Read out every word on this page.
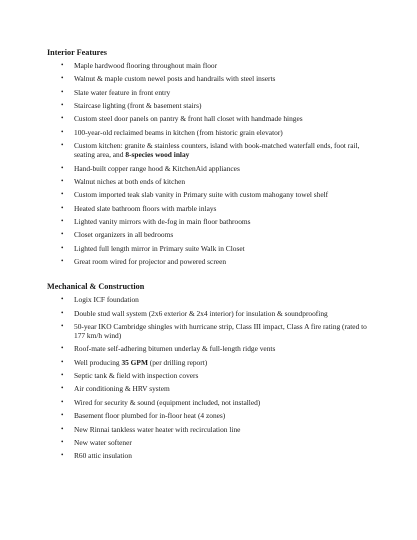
Interior Features
• Maple hardwood flooring throughout main floor
• Walnut & maple custom newel posts and handrails with steel inserts
• Slate water feature in front entry
• Staircase lighting (front & basement stairs)
• Custom steel door panels on pantry & front hall closet with handmade hinges
• 100-year-old reclaimed beams in kitchen (from historic grain elevator)
• Custom kitchen: granite & stainless counters, island with book-matched waterfall ends, foot rail, seating area, and 8-species wood inlay
• Hand-built copper range hood & KitchenAid appliances
• Walnut niches at both ends of kitchen
• Custom imported teak slab vanity in Primary suite with custom mahogany towel shelf
• Heated slate bathroom floors with marble inlays
• Lighted vanity mirrors with de-fog in main floor bathrooms
• Closet organizers in all bedrooms
• Lighted full length mirror in Primary suite Walk in Closet
• Great room wired for projector and powered screen
Mechanical & Construction
• Logix ICF foundation
• Double stud wall system (2x6 exterior & 2x4 interior) for insulation & soundproofing
• 50-year IKO Cambridge shingles with hurricane strip, Class III impact, Class A fire rating (rated to 177 km/h wind)
• Roof-mate self-adhering bitumen underlay & full-length ridge vents
• Well producing 35 GPM (per drilling report)
• Septic tank & field with inspection covers
• Air conditioning & HRV system
• Wired for security & sound (equipment included, not installed)
• Basement floor plumbed for in-floor heat (4 zones)
• New Rinnai tankless water heater with recirculation line
• New water softener
• R60 attic insulation
